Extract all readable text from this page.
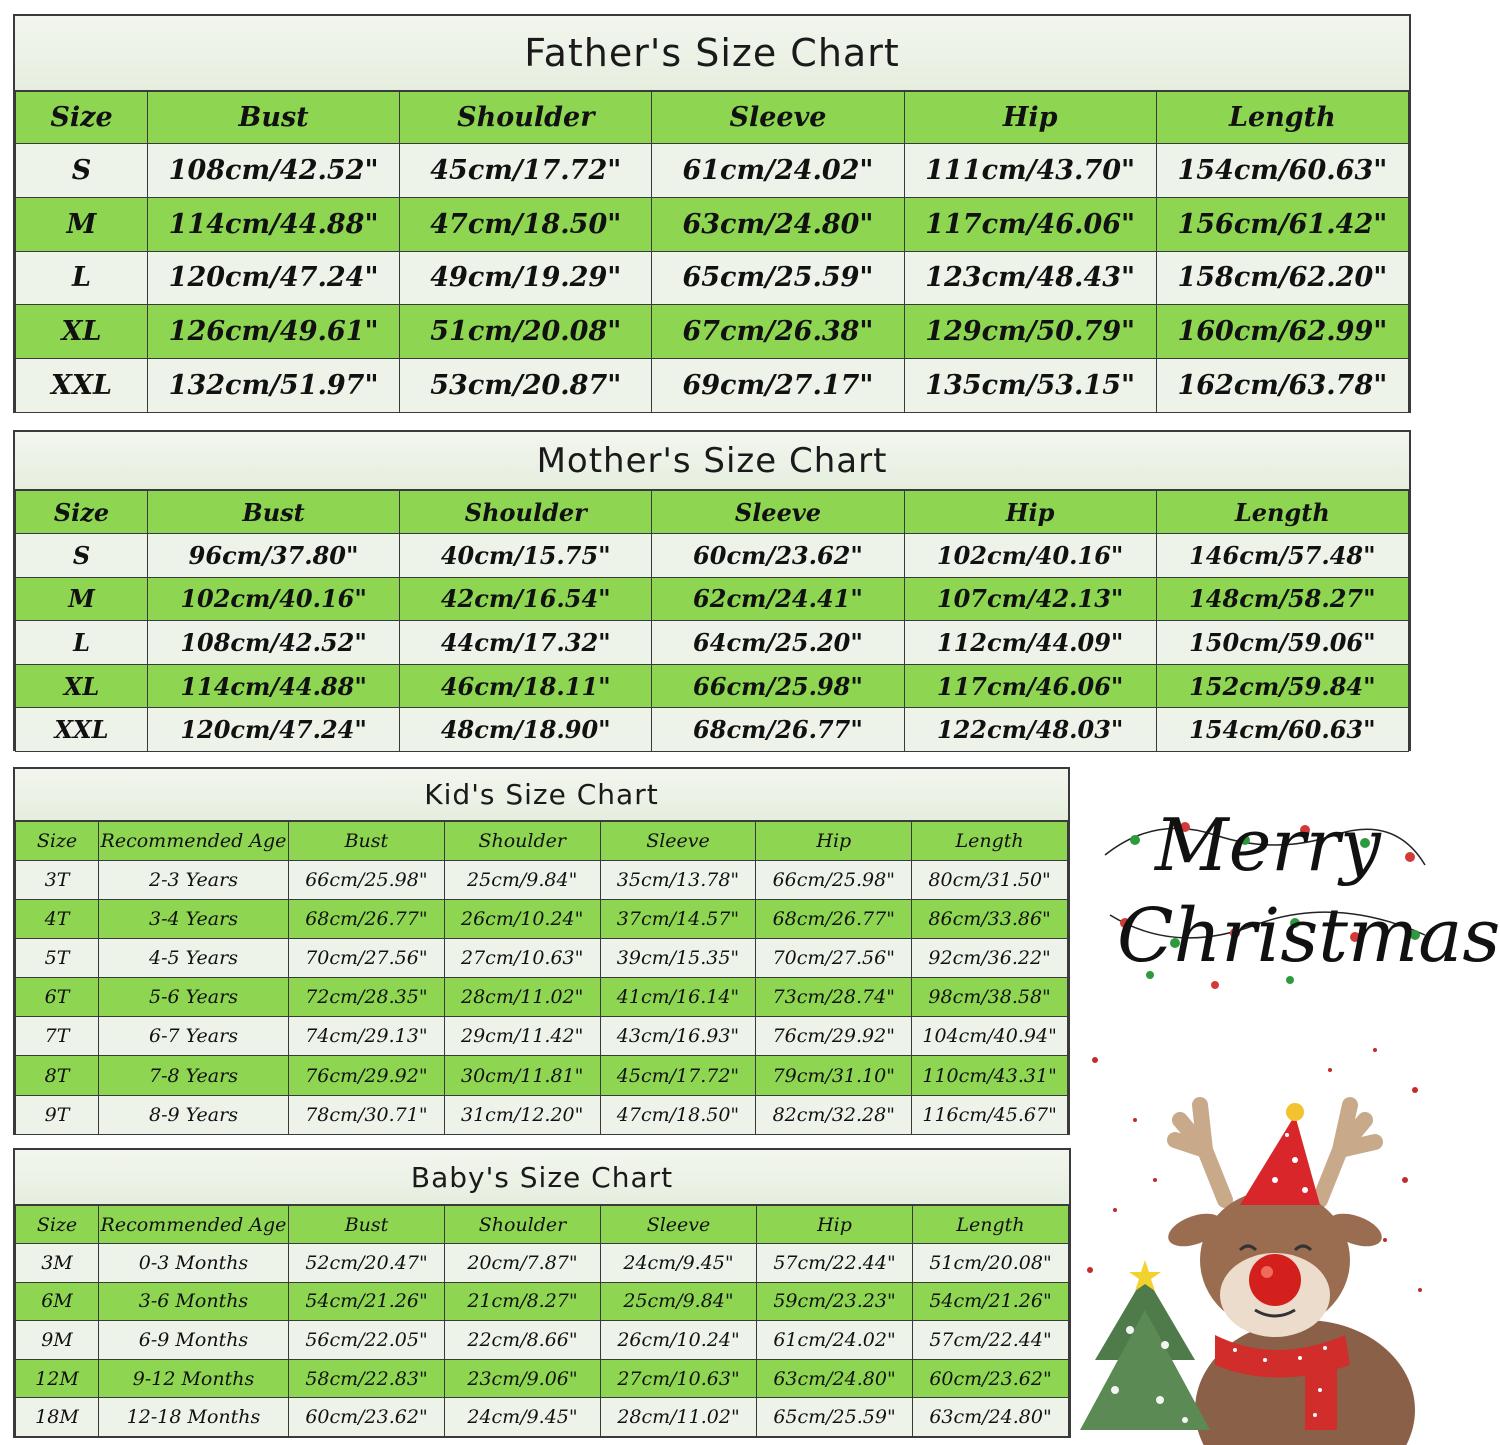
Father's Size Chart
Size	Bust	Shoulder	Sleeve	Hip	Length
S	108cm/42.52"	45cm/17.72"	61cm/24.02"	111cm/43.70"	154cm/60.63"
M	114cm/44.88"	47cm/18.50"	63cm/24.80"	117cm/46.06"	156cm/61.42"
L	120cm/47.24"	49cm/19.29"	65cm/25.59"	123cm/48.43"	158cm/62.20"
XL	126cm/49.61"	51cm/20.08"	67cm/26.38"	129cm/50.79"	160cm/62.99"
XXL	132cm/51.97"	53cm/20.87"	69cm/27.17"	135cm/53.15"	162cm/63.78"
Mother's Size Chart
Size	Bust	Shoulder	Sleeve	Hip	Length
S	96cm/37.80"	40cm/15.75"	60cm/23.62"	102cm/40.16"	146cm/57.48"
M	102cm/40.16"	42cm/16.54"	62cm/24.41"	107cm/42.13"	148cm/58.27"
L	108cm/42.52"	44cm/17.32"	64cm/25.20"	112cm/44.09"	150cm/59.06"
XL	114cm/44.88"	46cm/18.11"	66cm/25.98"	117cm/46.06"	152cm/59.84"
XXL	120cm/47.24"	48cm/18.90"	68cm/26.77"	122cm/48.03"	154cm/60.63"
Kid's Size Chart
Size	Recommended Age	Bust	Shoulder	Sleeve	Hip	Length
3T	2-3 Years	66cm/25.98"	25cm/9.84"	35cm/13.78"	66cm/25.98"	80cm/31.50"
4T	3-4 Years	68cm/26.77"	26cm/10.24"	37cm/14.57"	68cm/26.77"	86cm/33.86"
5T	4-5 Years	70cm/27.56"	27cm/10.63"	39cm/15.35"	70cm/27.56"	92cm/36.22"
6T	5-6 Years	72cm/28.35"	28cm/11.02"	41cm/16.14"	73cm/28.74"	98cm/38.58"
7T	6-7 Years	74cm/29.13"	29cm/11.42"	43cm/16.93"	76cm/29.92"	104cm/40.94"
8T	7-8 Years	76cm/29.92"	30cm/11.81"	45cm/17.72"	79cm/31.10"	110cm/43.31"
9T	8-9 Years	78cm/30.71"	31cm/12.20"	47cm/18.50"	82cm/32.28"	116cm/45.67"
Baby's Size Chart
Size	Recommended Age	Bust	Shoulder	Sleeve	Hip	Length
3M	0-3 Months	52cm/20.47"	20cm/7.87"	24cm/9.45"	57cm/22.44"	51cm/20.08"
6M	3-6 Months	54cm/21.26"	21cm/8.27"	25cm/9.84"	59cm/23.23"	54cm/21.26"
9M	6-9 Months	56cm/22.05"	22cm/8.66"	26cm/10.24"	61cm/24.02"	57cm/22.44"
12M	9-12 Months	58cm/22.83"	23cm/9.06"	27cm/10.63"	63cm/24.80"	60cm/23.62"
18M	12-18 Months	60cm/23.62"	24cm/9.45"	28cm/11.02"	65cm/25.59"	63cm/24.80"
Merry
Christmas
